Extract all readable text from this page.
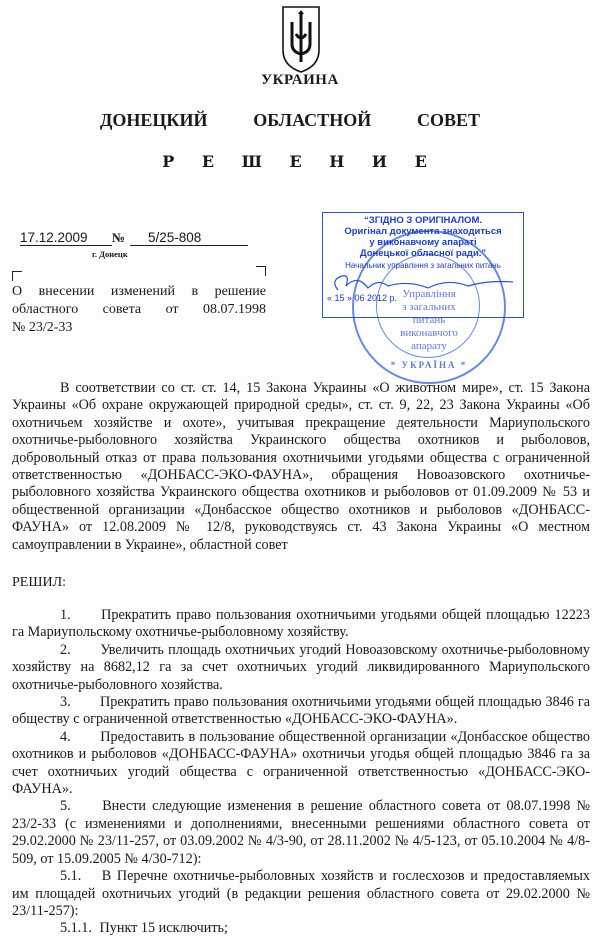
УКРАИНА
ДОНЕЦКИЙ	ОБЛАСТНОЙ	СОВЕТ
Р Е Ш Е Н И Е
17.12.2009	№	5/25-808
г. Донецк
О внесении изменений в решение
областного совета от 08.07.1998
№ 23/2-33
Управління
з загальних
питань
виконавчого
апарату
* УКРАЇНА *
“ЗГІДНО З ОРИГІНАЛОМ.
Оригінал документа знаходиться
у виконавчому апараті
Донецької обласної ради.”
Начальник управління з загальних питань
« 15 » 06 2012 р.

В соответствии со ст. ст. 14, 15 Закона Украины «О животном мире», ст. 15 Закона Украины «Об охране окружающей природной среды», ст. ст. 9, 22, 23 Закона Украины «Об охотничьем хозяйстве и охоте», учитывая прекращение деятельности Мариупольского охотничье-рыболовного хозяйства Украинского общества охотников и рыболовов, добровольный отказ от права пользования охотничьими угодьями общества с ограниченной ответственностью «ДОНБАСС-ЭКО-ФАУНА», обращения Новоазовского охотничье-рыболовного хозяйства Украинского общества охотников и рыболовов от 01.09.2009 № 53 и общественной организации «Донбасское общество охотников и рыболовов «ДОНБАСС-ФАУНА» от 12.08.2009 № 12/8, руководствуясь ст. 43 Закона Украины «О местном самоуправлении в Украине», областной совет

РЕШИЛ:

1. Прекратить право пользования охотничьими угодьями общей площадью 12223 га Мариупольскому охотничье-рыболовному хозяйству.

2. Увеличить площадь охотничьих угодий Новоазовскому охотничье-рыболовному хозяйству на 8682,12 га за счет охотничьих угодий ликвидированного Мариупольского охотничье-рыболовного хозяйства.

3. Прекратить право пользования охотничьими угодьями общей площадью 3846 га обществу с ограниченной ответственностью «ДОНБАСС-ЭКО-ФАУНА».

4. Предоставить в пользование общественной организации «Донбасское общество охотников и рыболовов «ДОНБАСС-ФАУНА» охотничьи угодья общей площадью 3846 га за счет охотничьих угодий общества с ограниченной ответственностью «ДОНБАСС-ЭКО-ФАУНА».

5. Внести следующие изменения в решение областного совета от 08.07.1998 № 23/2-33 (с изменениями и дополнениями, внесенными решениями областного совета от 29.02.2000 № 23/11-257, от 03.09.2002 № 4/3-90, от 28.11.2002 № 4/5-123, от 05.10.2004 № 4/8-509, от 15.09.2005 № 4/30-712):

5.1. В Перечне охотничье-рыболовных хозяйств и гослесхозов и предоставляемых им площадей охотничьих угодий (в редакции решения областного совета от 29.02.2000 № 23/11-257):

5.1.1. Пункт 15 исключить;
